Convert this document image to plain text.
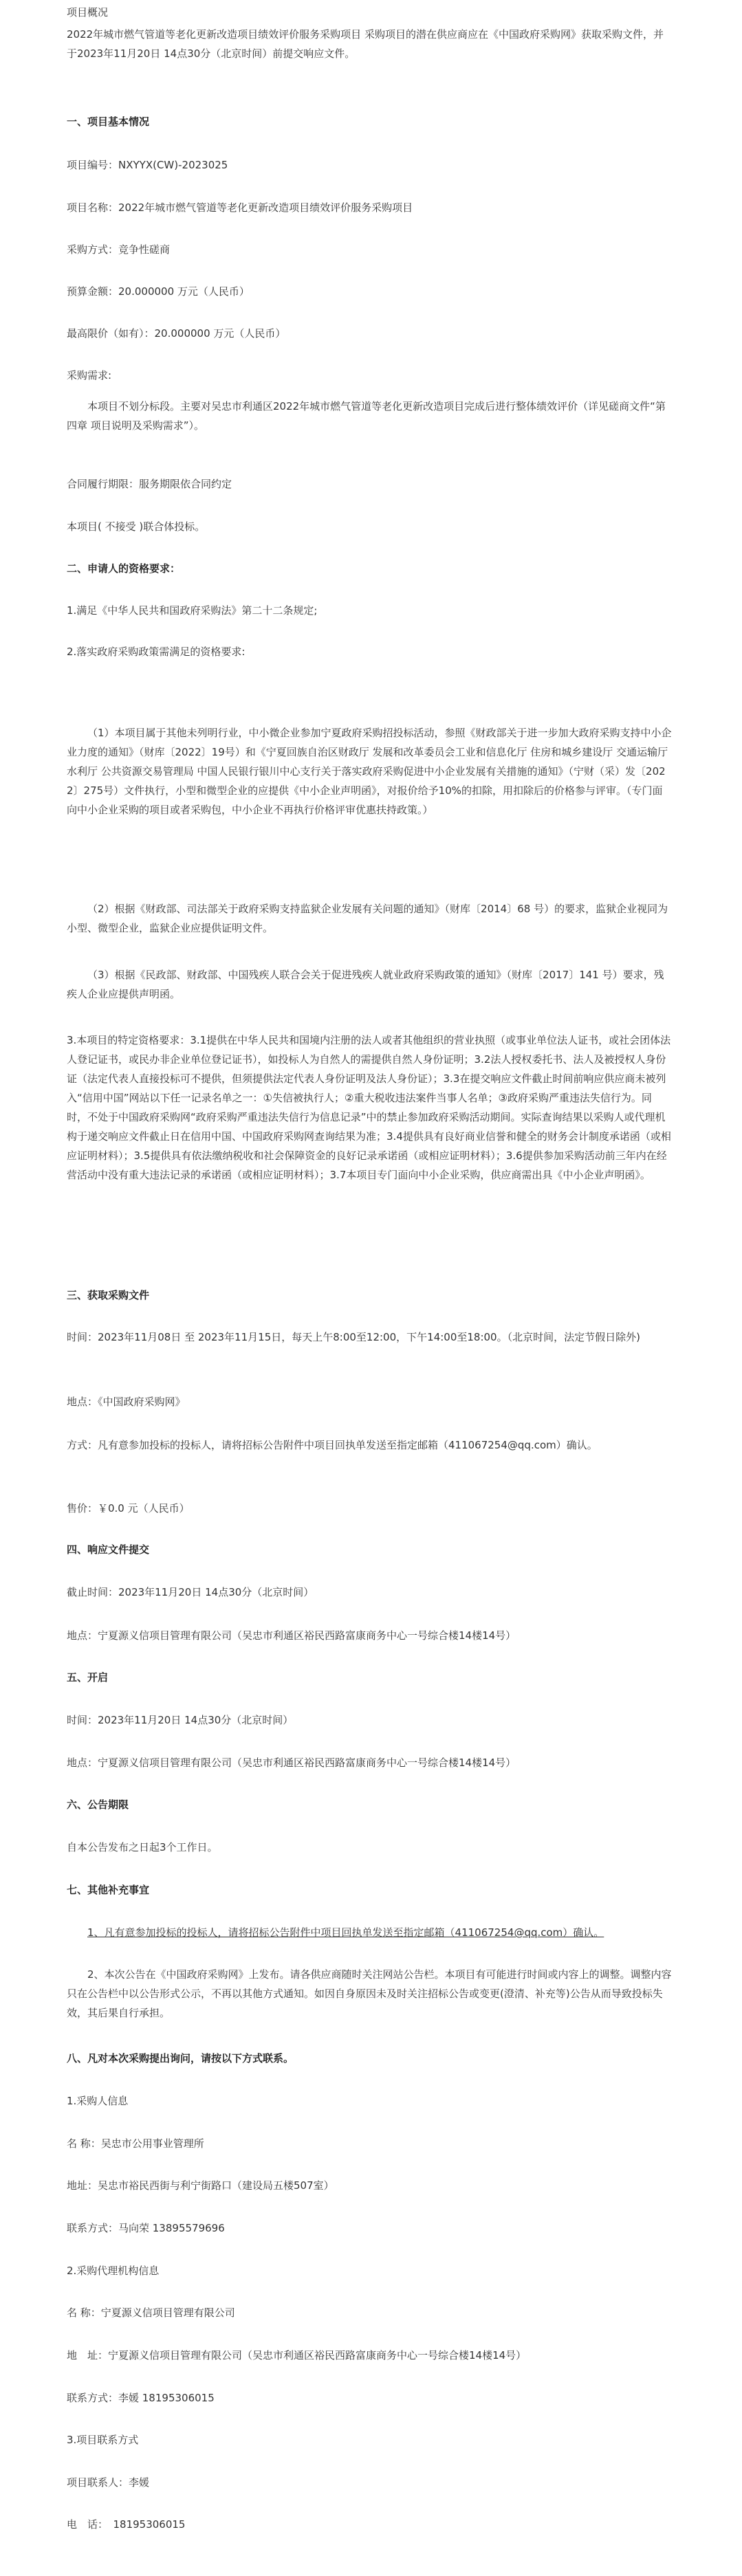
项目概况

2022年城市燃气管道等老化更新改造项目绩效评价服务采购项目 采购项目的潜在供应商应在《中国政府采购网》获取采购文件，并于2023年11月20日 14点30分（北京时间）前提交响应文件。

一、项目基本情况

项目编号：NXYYX(CW)-2023025

项目名称：2022年城市燃气管道等老化更新改造项目绩效评价服务采购项目

采购方式：竞争性磋商

预算金额：20.000000 万元（人民币）

最高限价（如有）：20.000000 万元（人民币）

采购需求:

本项目不划分标段。主要对吴忠市利通区2022年城市燃气管道等老化更新改造项目完成后进行整体绩效评价（详见磋商文件“第四章 项目说明及采购需求”）。

合同履行期限：服务期限依合同约定

本项目( 不接受 )联合体投标。

二、申请人的资格要求：

1.满足《中华人民共和国政府采购法》第二十二条规定;

2.落实政府采购政策需满足的资格要求:

（1）本项目属于其他未列明行业，中小微企业参加宁夏政府采购招投标活动，参照《财政部关于进一步加大政府采购支持中小企业力度的通知》（财库〔2022〕19号）和《宁夏回族自治区财政厅 发展和改革委员会工业和信息化厅 住房和城乡建设厅 交通运输厅 水利厅 公共资源交易管理局 中国人民银行银川中心支行关于落实政府采购促进中小企业发展有关措施的通知》（宁财（采）发〔2022〕275号）文件执行，小型和微型企业的应提供《中小企业声明函》，对报价给予10%的扣除，用扣除后的价格参与评审。（专门面向中小企业采购的项目或者采购包，中小企业不再执行价格评审优惠扶持政策。）

（2）根据《财政部、司法部关于政府采购支持监狱企业发展有关问题的通知》（财库〔2014〕68 号）的要求，监狱企业视同为小型、微型企业，监狱企业应提供证明文件。

（3）根据《民政部、财政部、中国残疾人联合会关于促进残疾人就业政府采购政策的通知》（财库〔2017〕141 号）要求，残疾人企业应提供声明函。

3.本项目的特定资格要求：3.1提供在中华人民共和国境内注册的法人或者其他组织的营业执照（或事业单位法人证书，或社会团体法人登记证书，或民办非企业单位登记证书），如投标人为自然人的需提供自然人身份证明；3.2法人授权委托书、法人及被授权人身份证（法定代表人直接投标可不提供，但须提供法定代表人身份证明及法人身份证）；3.3在提交响应文件截止时间前响应供应商未被列入“信用中国”网站以下任一记录名单之一：①失信被执行人；②重大税收违法案件当事人名单；③政府采购严重违法失信行为。同时，不处于中国政府采购网“政府采购严重违法失信行为信息记录”中的禁止参加政府采购活动期间。实际查询结果以采购人或代理机构于递交响应文件截止日在信用中国、中国政府采购网查询结果为准；3.4提供具有良好商业信誉和健全的财务会计制度承诺函（或相应证明材料）；3.5提供具有依法缴纳税收和社会保障资金的良好记录承诺函（或相应证明材料）；3.6提供参加采购活动前三年内在经营活动中没有重大违法记录的承诺函（或相应证明材料）；3.7本项目专门面向中小企业采购，供应商需出具《中小企业声明函》。

三、获取采购文件

时间：2023年11月08日 至 2023年11月15日，每天上午8:00至12:00，下午14:00至18:00。（北京时间，法定节假日除外)

地点：《中国政府采购网》

方式：凡有意参加投标的投标人，请将招标公告附件中项目回执单发送至指定邮箱（411067254@qq.com）确认。

售价：￥0.0 元（人民币）

四、响应文件提交

截止时间：2023年11月20日 14点30分（北京时间）

地点：宁夏源义信项目管理有限公司（吴忠市利通区裕民西路富康商务中心一号综合楼14楼14号）

五、开启

时间：2023年11月20日 14点30分（北京时间）

地点：宁夏源义信项目管理有限公司（吴忠市利通区裕民西路富康商务中心一号综合楼14楼14号）

六、公告期限

自本公告发布之日起3个工作日。

七、其他补充事宜

1、凡有意参加投标的投标人，请将招标公告附件中项目回执单发送至指定邮箱（411067254@qq.com）确认。

2、本次公告在《中国政府采购网》上发布。请各供应商随时关注网站公告栏。本项目有可能进行时间或内容上的调整。调整内容只在公告栏中以公告形式公示，不再以其他方式通知。如因自身原因未及时关注招标公告或变更(澄清、补充等)公告从而导致投标失效，其后果自行承担。

八、凡对本次采购提出询问，请按以下方式联系。

1.采购人信息

名 称：吴忠市公用事业管理所

地址：吴忠市裕民西街与利宁街路口（建设局五楼507室）

联系方式：马向荣 13895579696

2.采购代理机构信息

名 称：宁夏源义信项目管理有限公司

地　址：宁夏源义信项目管理有限公司（吴忠市利通区裕民西路富康商务中心一号综合楼14楼14号）

联系方式：李媛 18195306015

3.项目联系方式

项目联系人：李媛

电　话：　18195306015
